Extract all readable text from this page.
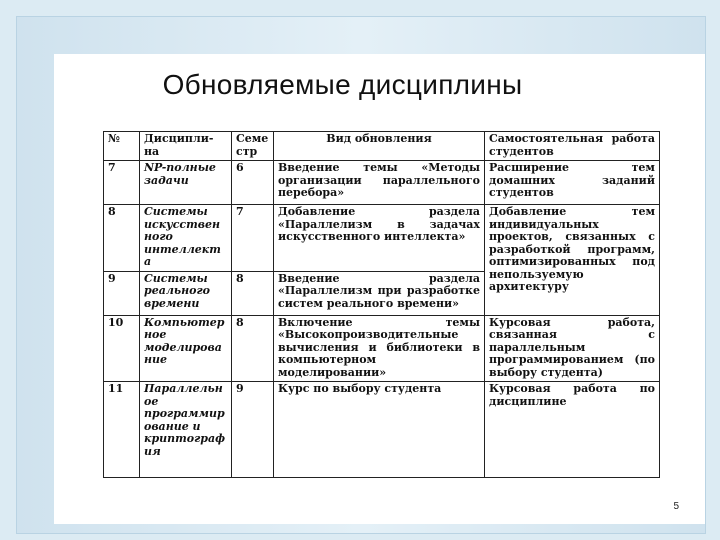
Обновляемые дисциплины
№	Дисципли-на	Семестр	Вид обновления	Самостоятельная работа студентов
7	NP-полные задачи	6	Введение темы «Методы организации параллельного перебора»	Расширение тем домашних заданий студентов
8	Системы искусственного интеллекта	7	Добавление раздела «Параллелизм в задачах искусственного интеллекта»	Добавление тем индивидуальных проектов, связанных с разработкой программ, оптимизированных под непользуемую архитектуру
9	Системы реального времени	8	Введение раздела «Параллелизм при разработке систем реального времени»	
10	Компьютерное моделирование	8	Включение темы «Высокопроизводительные вычисления и библиотеки в компьютерном моделировании»	Курсовая работа, связанная с параллельным программированием (по выбору студента)
11	Параллельное программирование и криптография	9	Курс по выбору студента	Курсовая работа по дисциплине
5
